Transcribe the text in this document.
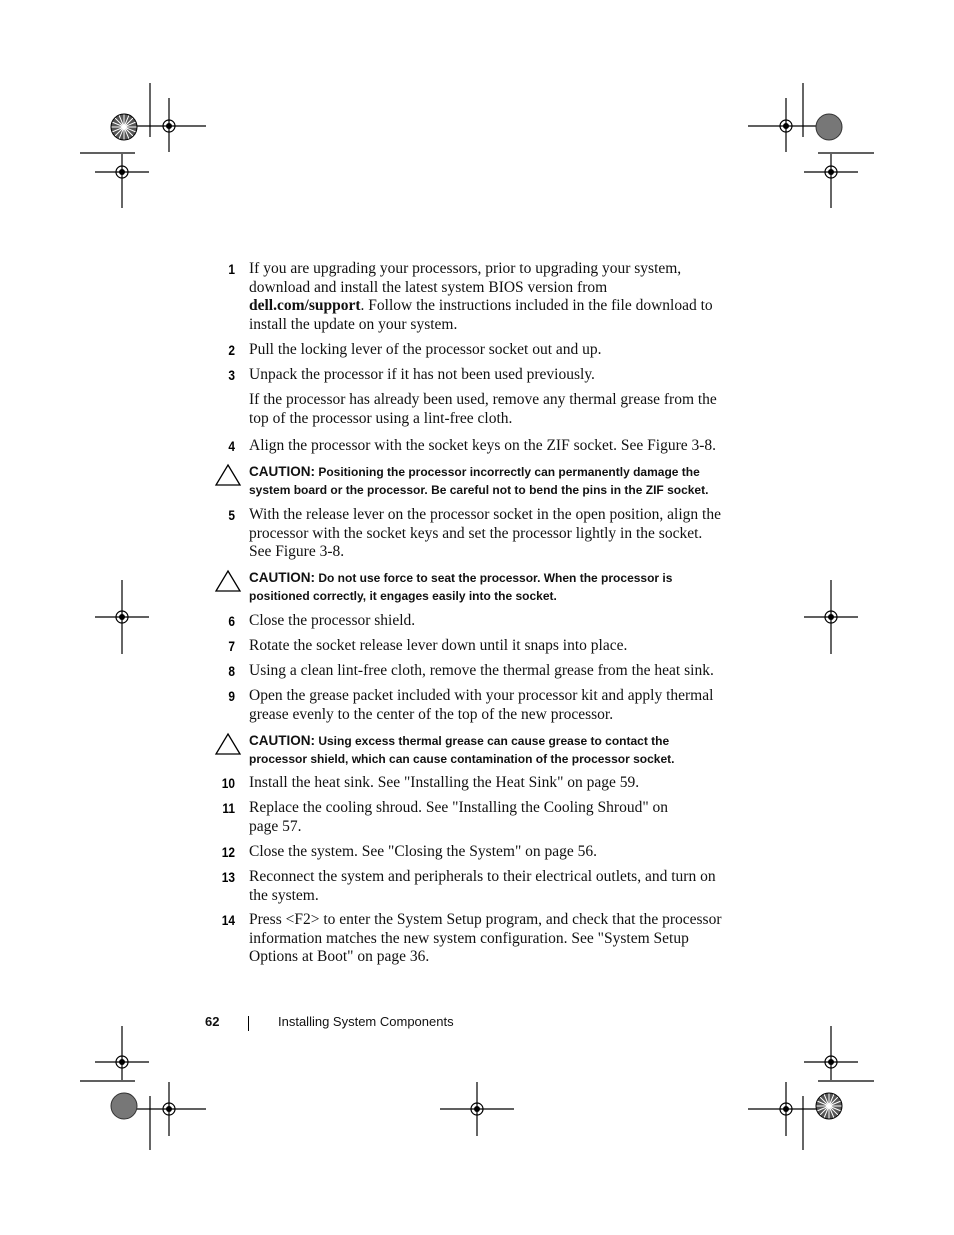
1 If you are upgrading your processors, prior to upgrading your system, download and install the latest system BIOS version from dell.com/support. Follow the instructions included in the file download to install the update on your system.
2 Pull the locking lever of the processor socket out and up.
3 Unpack the processor if it has not been used previously.
If the processor has already been used, remove any thermal grease from the top of the processor using a lint-free cloth.
4 Align the processor with the socket keys on the ZIF socket. See Figure 3-8.
CAUTION: Positioning the processor incorrectly can permanently damage the system board or the processor. Be careful not to bend the pins in the ZIF socket.
5 With the release lever on the processor socket in the open position, align the processor with the socket keys and set the processor lightly in the socket. See Figure 3-8.
CAUTION: Do not use force to seat the processor. When the processor is positioned correctly, it engages easily into the socket.
6 Close the processor shield.
7 Rotate the socket release lever down until it snaps into place.
8 Using a clean lint-free cloth, remove the thermal grease from the heat sink.
9 Open the grease packet included with your processor kit and apply thermal grease evenly to the center of the top of the new processor.
CAUTION: Using excess thermal grease can cause grease to contact the processor shield, which can cause contamination of the processor socket.
10 Install the heat sink. See "Installing the Heat Sink" on page 59.
11 Replace the cooling shroud. See "Installing the Cooling Shroud" on page 57.
12 Close the system. See "Closing the System" on page 56.
13 Reconnect the system and peripherals to their electrical outlets, and turn on the system.
14 Press <F2> to enter the System Setup program, and check that the processor information matches the new system configuration. See "System Setup Options at Boot" on page 36.
62	Installing System Components
